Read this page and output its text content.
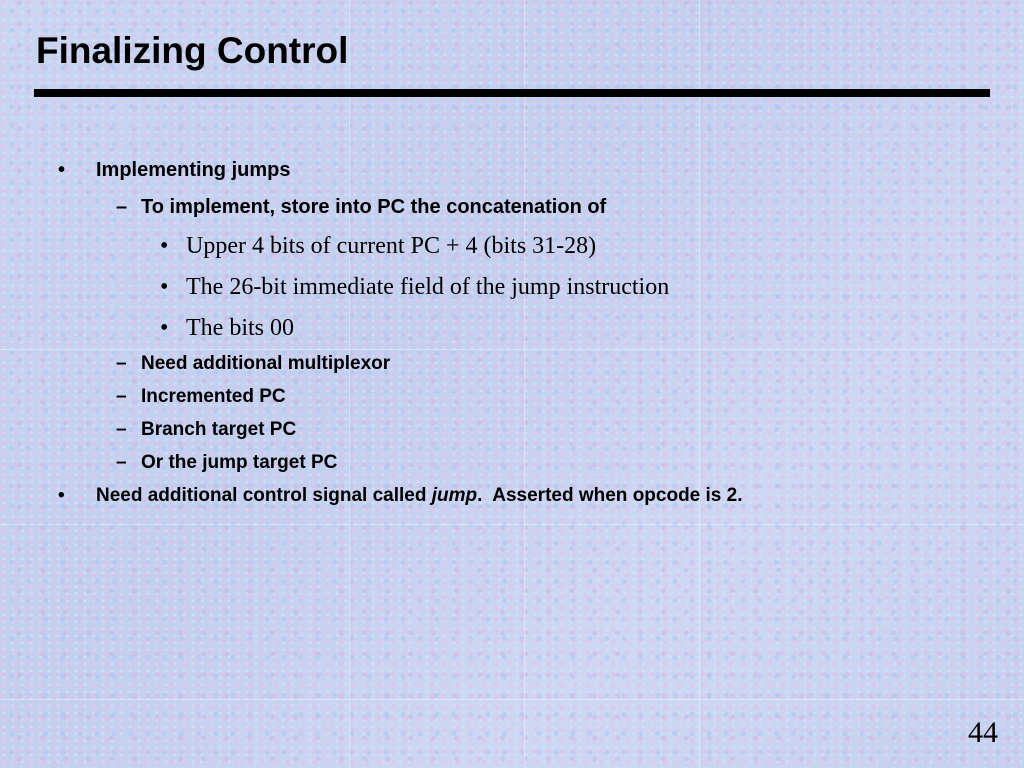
Finalizing Control
• Implementing jumps
– To implement, store into PC the concatenation of
• Upper 4 bits of current PC + 4 (bits 31-28)
• The 26-bit immediate field of the jump instruction
• The bits 00
– Need additional multiplexor
– Incremented PC
– Branch target PC
– Or the jump target PC
• Need additional control signal called jump.  Asserted when opcode is 2.
44
